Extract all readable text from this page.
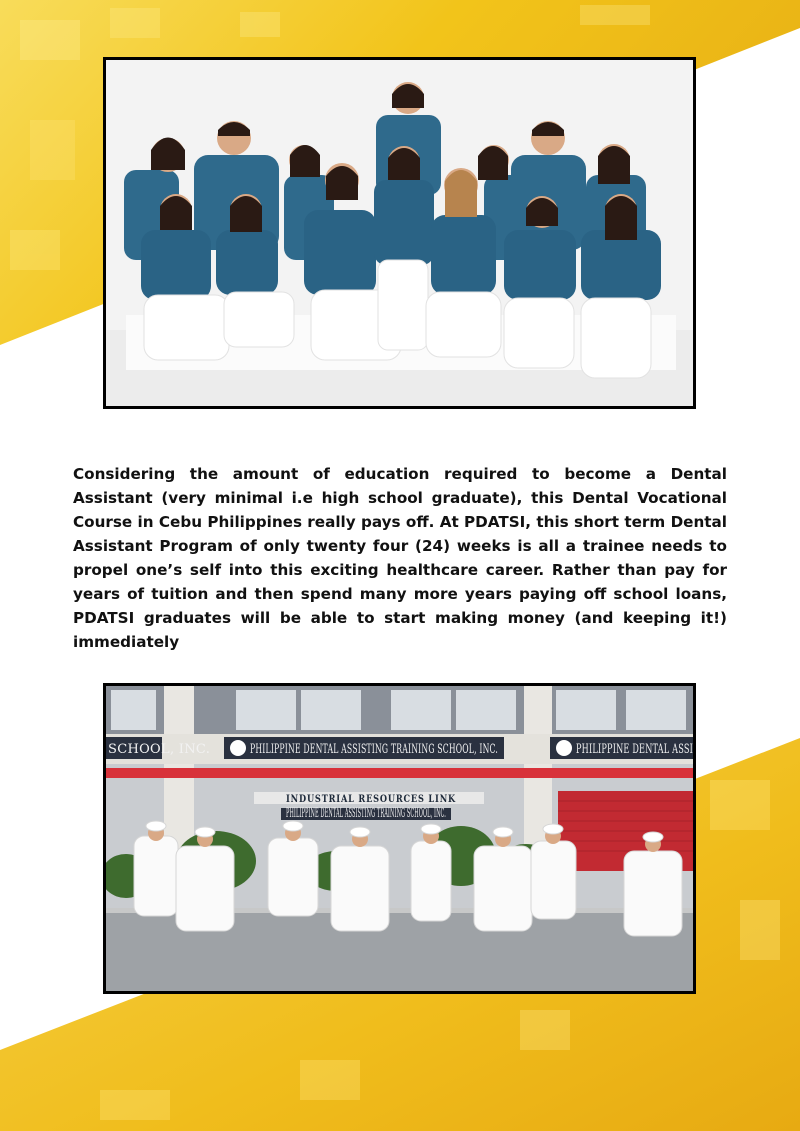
Considering the amount of education required to become a Dental Assistant (very minimal i.e high school graduate), this Dental Vocational Course in Cebu Philippines really pays off. At PDATSI, this short term Dental Assistant Program of only twenty four (24) weeks is all a trainee needs to propel one’s self into this exciting healthcare career. Rather than pay for years of tuition and then spend many more years paying off school loans, PDATSI graduates will be able to start making money (and keeping it!) immediately

SCHOOL, INC.	PHILIPPINE DENTAL ASSISTING TRAINING SCHOOL, INC.	PHILIPPINE DENTAL ASSI
INDUSTRIAL RESOURCES LINK
PHILIPPINE DENTAL ASSISTING TRAINING SCHOOL, INC.
